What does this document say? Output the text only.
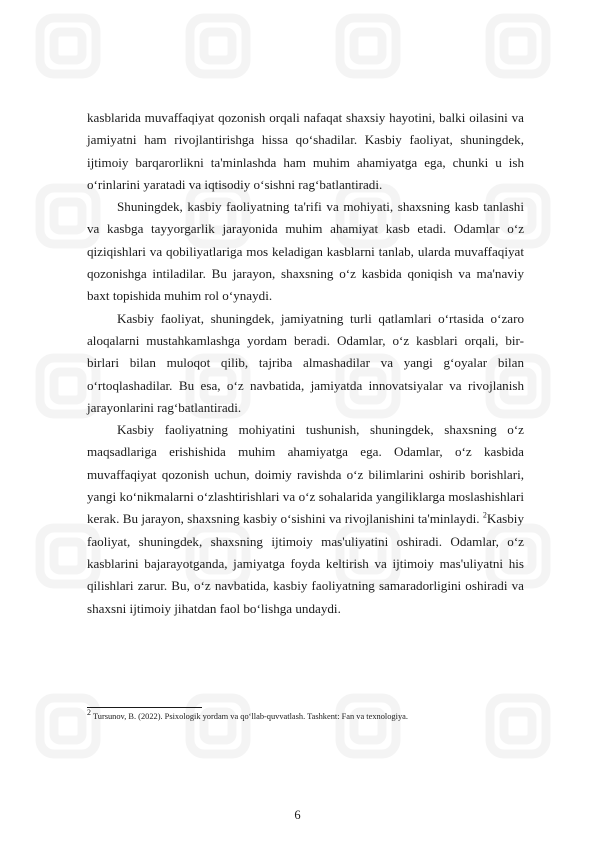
kasblarida muvaffaqiyat qozonish orqali nafaqat shaxsiy hayotini, balki oilasini va jamiyatni ham rivojlantirishga hissa qo‘shadilar. Kasbiy faoliyat, shuningdek, ijtimoiy barqarorlikni ta'minlashda ham muhim ahamiyatga ega, chunki u ish o‘rinlarini yaratadi va iqtisodiy o‘sishni rag‘batlantiradi.

Shuningdek, kasbiy faoliyatning ta'rifi va mohiyati, shaxsning kasb tanlashi va kasbga tayyorgarlik jarayonida muhim ahamiyat kasb etadi. Odamlar o‘z qiziqishlari va qobiliyatlariga mos keladigan kasblarni tanlab, ularda muvaffaqiyat qozonishga intiladilar. Bu jarayon, shaxsning o‘z kasbida qoniqish va ma'naviy baxt topishida muhim rol o‘ynaydi.

Kasbiy faoliyat, shuningdek, jamiyatning turli qatlamlari o‘rtasida o‘zaro aloqalarni mustahkamlashga yordam beradi. Odamlar, o‘z kasblari orqali, bir-birlari bilan muloqot qilib, tajriba almashadilar va yangi g‘oyalar bilan o‘rtoqlashadilar. Bu esa, o‘z navbatida, jamiyatda innovatsiyalar va rivojlanish jarayonlarini rag‘batlantiradi.

Kasbiy faoliyatning mohiyatini tushunish, shuningdek, shaxsning o‘z maqsadlariga erishishida muhim ahamiyatga ega. Odamlar, o‘z kasbida muvaffaqiyat qozonish uchun, doimiy ravishda o‘z bilimlarini oshirib borishlari, yangi ko‘nikmalarni o‘zlashtirishlari va o‘z sohalarida yangiliklarga moslashishlari kerak. Bu jarayon, shaxsning kasbiy o‘sishini va rivojlanishini ta'minlaydi. $^2$Kasbiy faoliyat, shuningdek, shaxsning ijtimoiy mas'uliyatini oshiradi. Odamlar, o‘z kasblarini bajarayotganda, jamiyatga foyda keltirish va ijtimoiy mas'uliyatni his qilishlari zarur. Bu, o‘z navbatida, kasbiy faoliyatning samaradorligini oshiradi va shaxsni ijtimoiy jihatdan faol bo‘lishga undaydi.

$^2$ Tursunov, B. (2022). Psixologik yordam va qo‘llab-quvvatlash. Tashkent: Fan va texnologiya.
6
